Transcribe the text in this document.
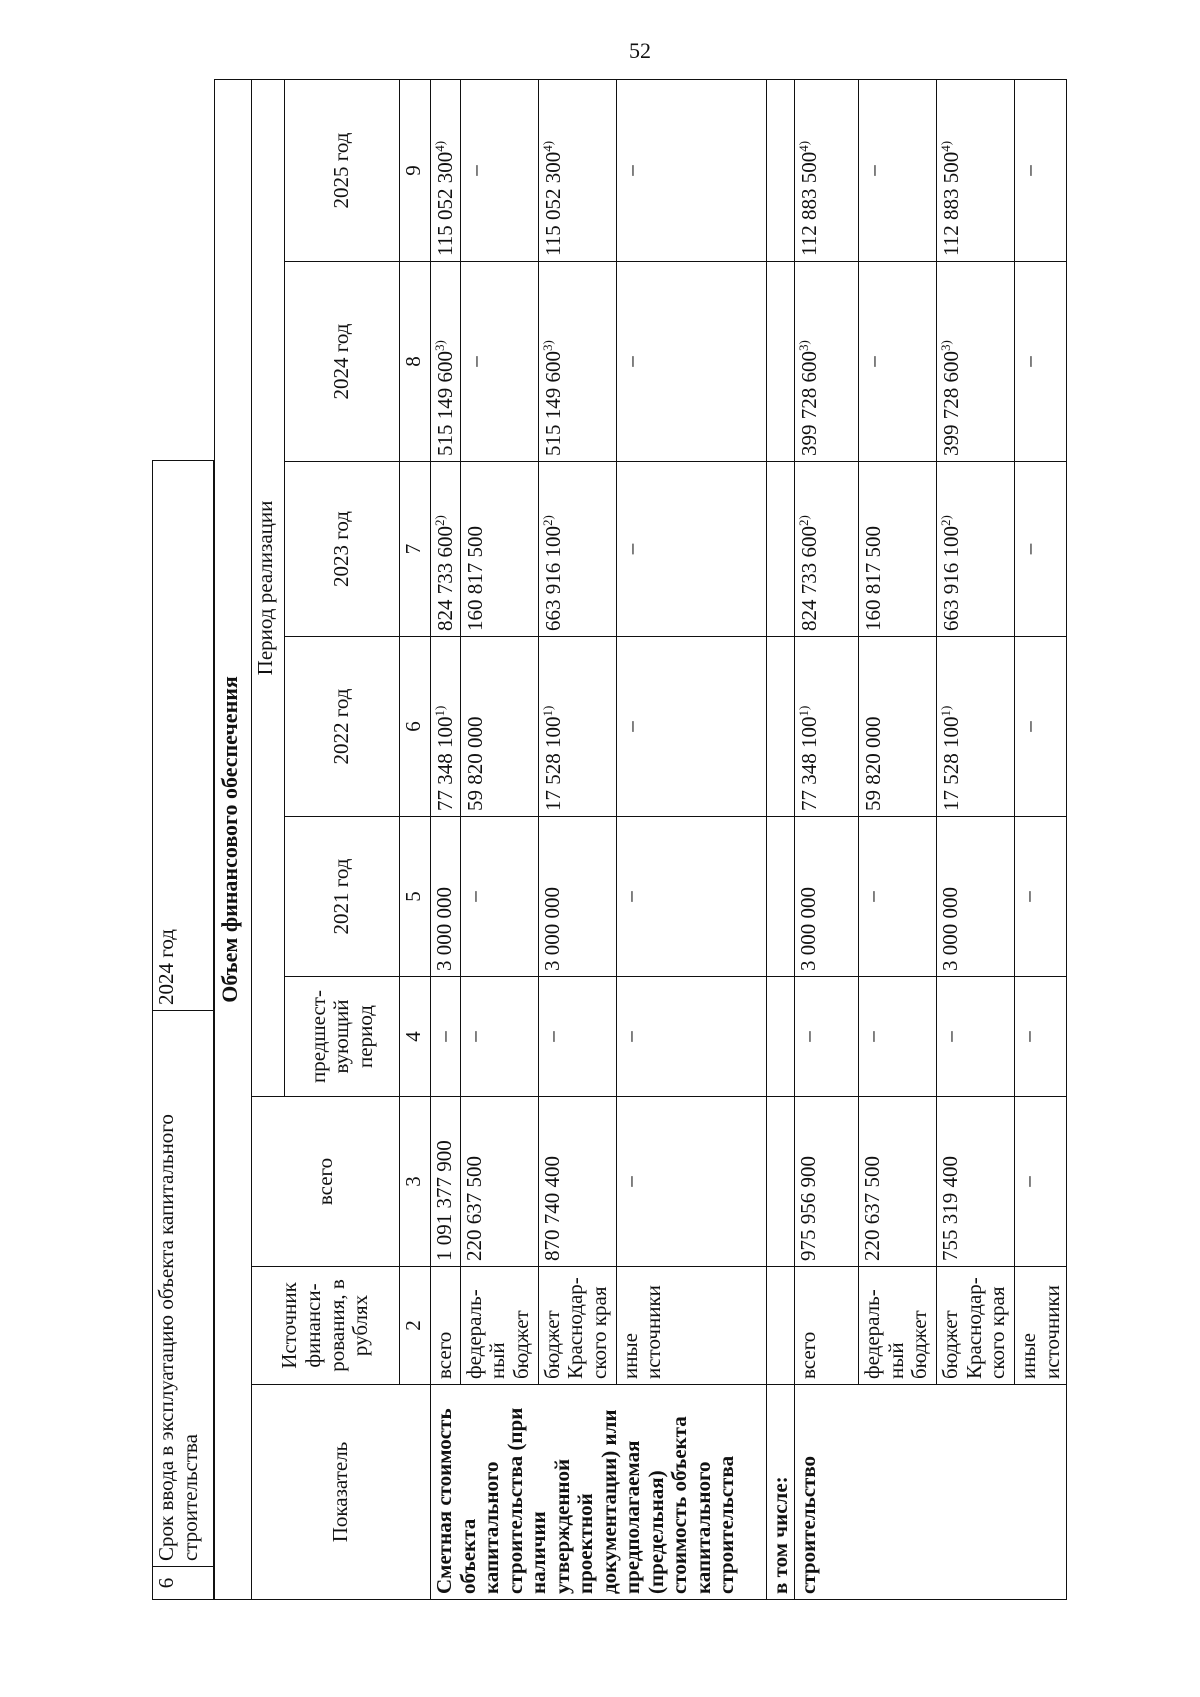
52
6	Срок ввода в эксплуатацию объекта капитального строительства	2024 год Объем финансового обеспечения								
Показатель	Источник финанси-рования, в рублях	всего	Период реализации					
			предшест-вующий период	2021 год	2022 год	2023 год	2024 год	2025 год
	2	3	4	5	6	7	8	9
Сметная стоимость объекта капитального строительства (при наличии утвержденной проектной документации) или предполагаемая (предельная) стоимость объекта капитального строительства	всего	1 091 377 900	–	3 000 000	77 348 100$^{1)}$	824 733 600$^{2)}$	515 149 600$^{3)}$	115 052 300$^{4)}$
	федераль-ный бюджет	220 637 500	–	–	59 820 000	160 817 500	–	–
	бюджет Краснодар-ского края	870 740 400	–	3 000 000	17 528 100$^{1)}$	663 916 100$^{2)}$	515 149 600$^{3)}$	115 052 300$^{4)}$
	иные источники	–	–	–	–	–	–	–
в том числе:								
строительство	всего	975 956 900	–	3 000 000	77 348 100$^{1)}$	824 733 600$^{2)}$	399 728 600$^{3)}$	112 883 500$^{4)}$
	федераль-ный бюджет	220 637 500	–	–	59 820 000	160 817 500	–	–
	бюджет Краснодар-ского края	755 319 400	–	3 000 000	17 528 100$^{1)}$	663 916 100$^{2)}$	399 728 600$^{3)}$	112 883 500$^{4)}$
	иные источники	–	–	–	–	–	–	–
